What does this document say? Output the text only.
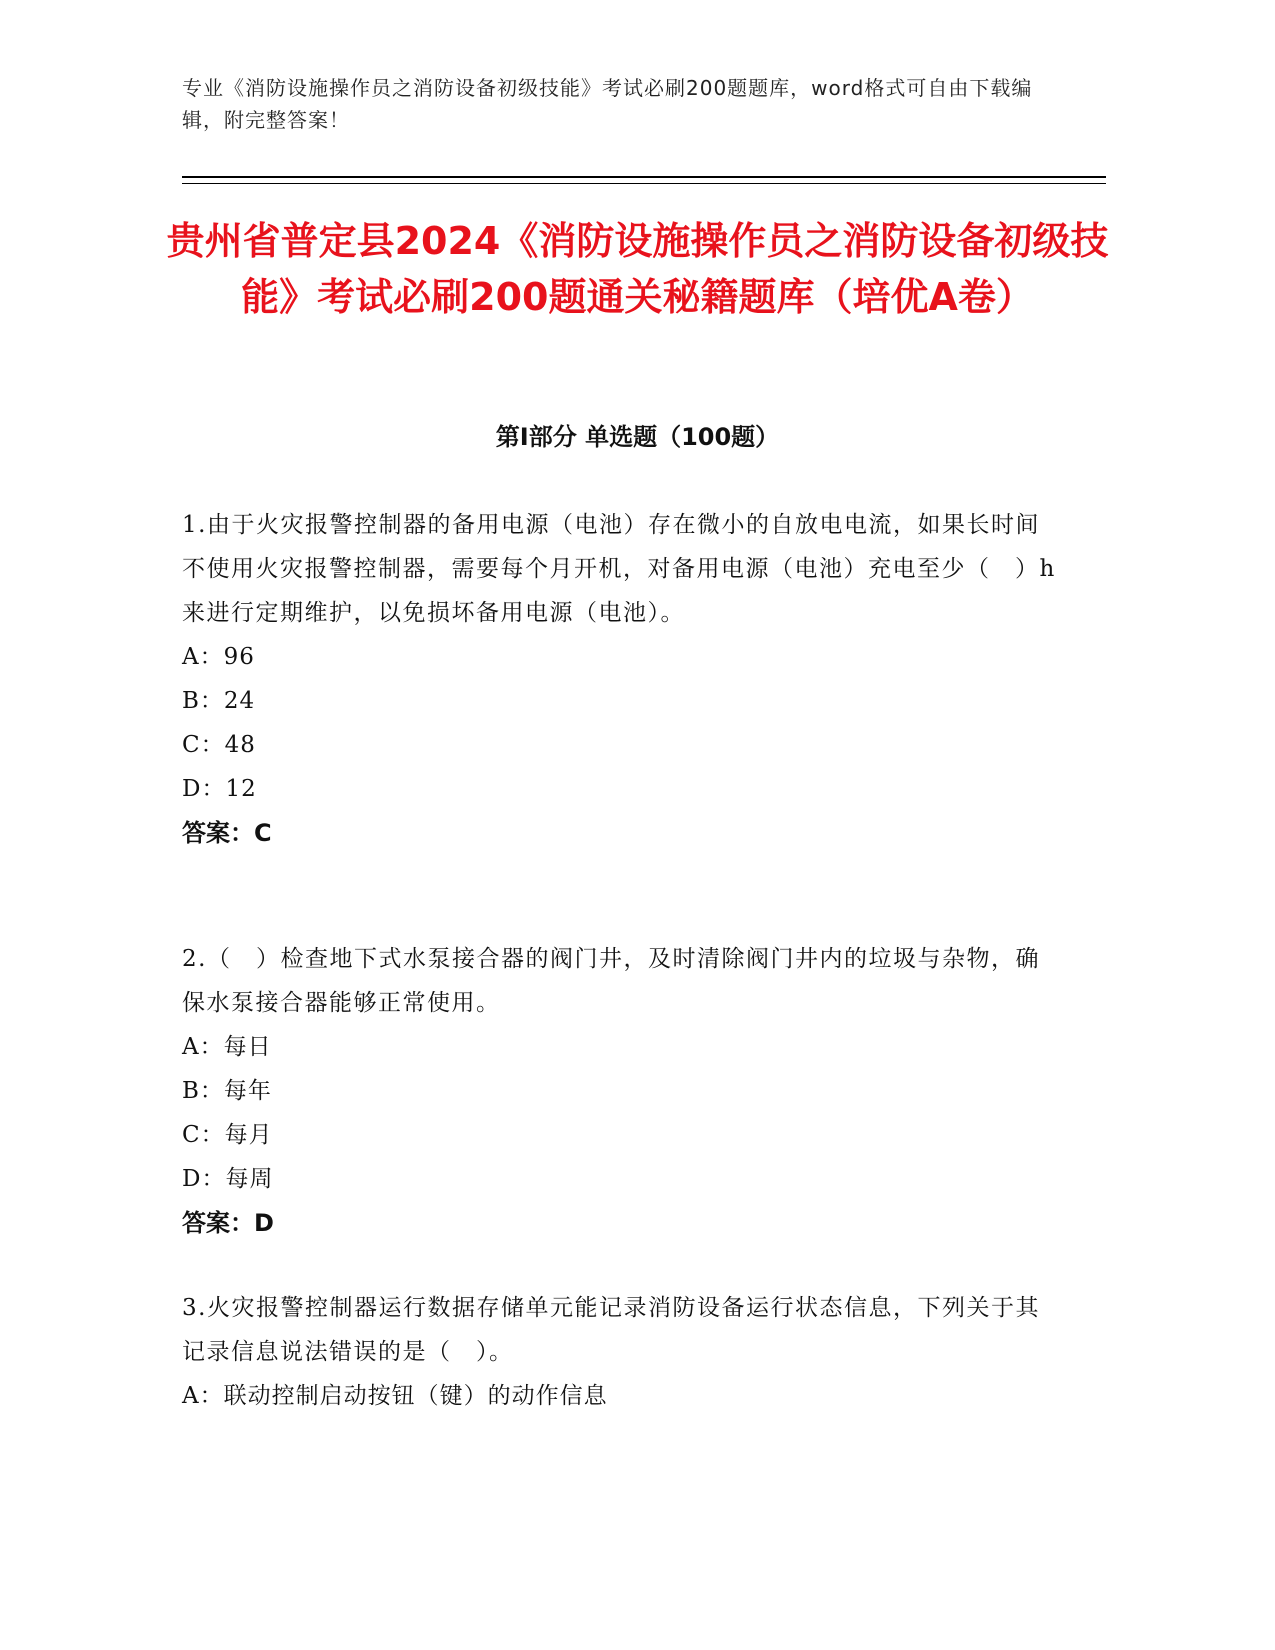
专业《消防设施操作员之消防设备初级技能》考试必刷200题题库，word格式可自由下载编辑，附完整答案！
贵州省普定县2024《消防设施操作员之消防设备初级技能》考试必刷200题通关秘籍题库（培优A卷）
第Ⅰ部分 单选题（100题）

1.由于火灾报警控制器的备用电源（电池）存在微小的自放电电流，如果长时间不使用火灾报警控制器，需要每个月开机，对备用电源（电池）充电至少（　）h来进行定期维护，以免损坏备用电源（电池）。

A：96

B：24

C：48

D：12

答案：C

2.（　）检查地下式水泵接合器的阀门井，及时清除阀门井内的垃圾与杂物，确保水泵接合器能够正常使用。

A：每日

B：每年

C：每月

D：每周

答案：D

3.火灾报警控制器运行数据存储单元能记录消防设备运行状态信息，下列关于其记录信息说法错误的是（　）。

A：联动控制启动按钮（键）的动作信息
